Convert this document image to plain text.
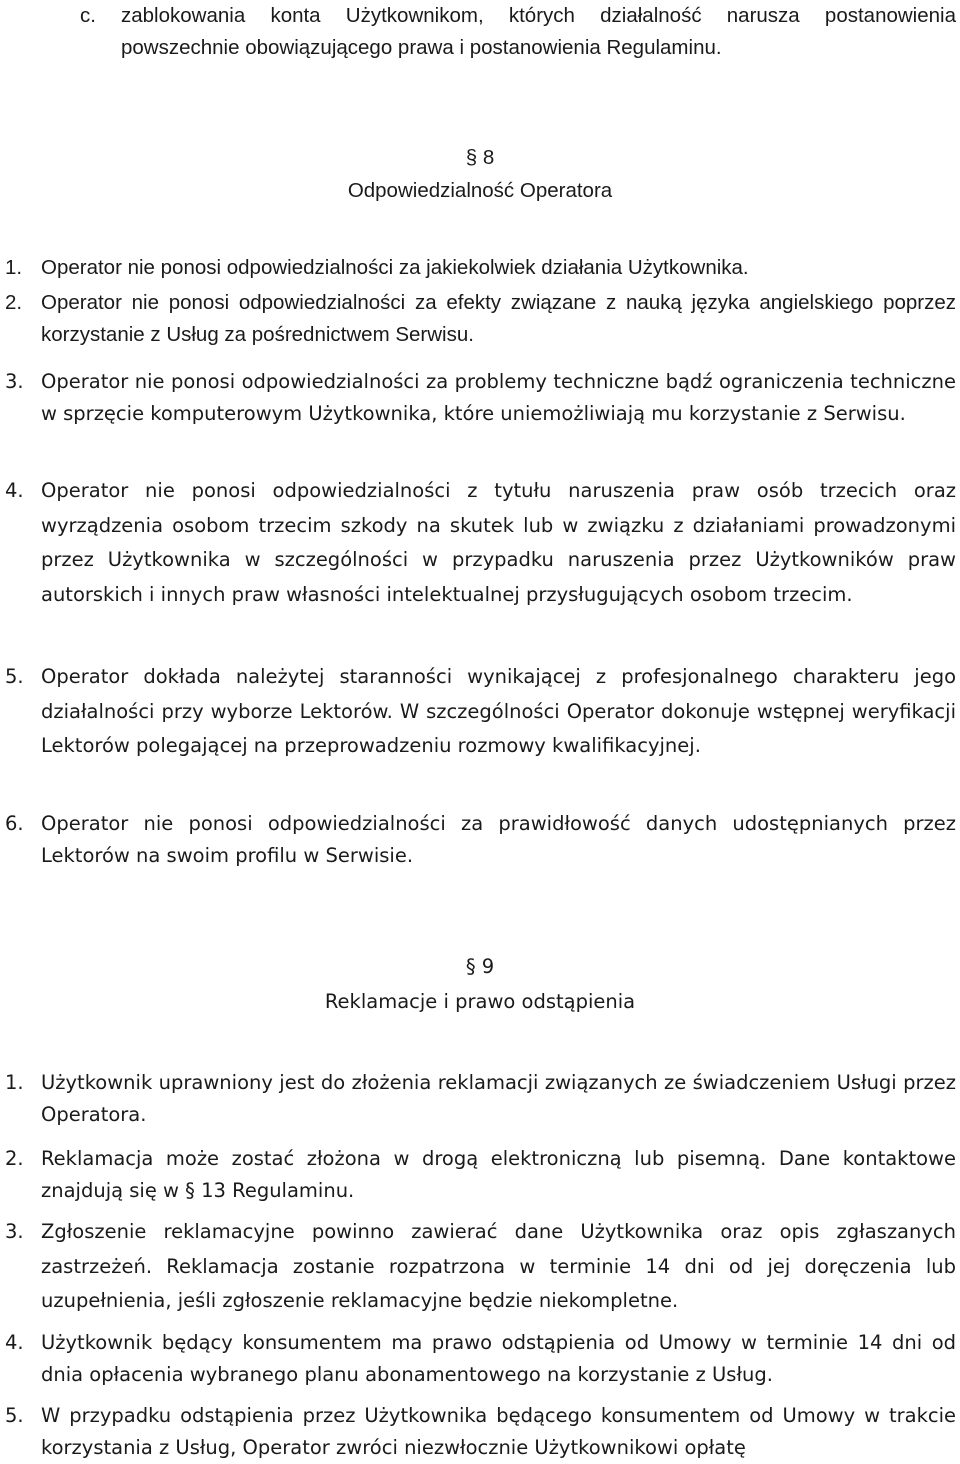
c.	zablokowania konta Użytkownikom, których działalność narusza postanowienia powszechnie obowiązującego prawa i postanowienia Regulaminu.

§ 8

Odpowiedzialność Operatora

1. Operator nie ponosi odpowiedzialności za jakiekolwiek działania Użytkownika.

2. Operator nie ponosi odpowiedzialności za efekty związane z nauką języka angielskiego poprzez korzystanie z Usług za pośrednictwem Serwisu.

3. Operator nie ponosi odpowiedzialności za problemy techniczne bądź ograniczenia techniczne w sprzęcie komputerowym Użytkownika, które uniemożliwiają mu korzystanie z Serwisu.

4. Operator nie ponosi odpowiedzialności z tytułu naruszenia praw osób trzecich oraz wyrządzenia osobom trzecim szkody na skutek lub w związku z działaniami prowadzonymi przez Użytkownika w szczególności w przypadku naruszenia przez Użytkowników praw autorskich i innych praw własności intelektualnej przysługujących osobom trzecim.

5. Operator dokłada należytej staranności wynikającej z profesjonalnego charakteru jego działalności przy wyborze Lektorów. W szczególności Operator dokonuje wstępnej weryfikacji Lektorów polegającej na przeprowadzeniu rozmowy kwalifikacyjnej.

6. Operator nie ponosi odpowiedzialności za prawidłowość danych udostępnianych przez Lektorów na swoim profilu w Serwisie.

§ 9

Reklamacje i prawo odstąpienia

1. Użytkownik uprawniony jest do złożenia reklamacji związanych ze świadczeniem Usługi przez Operatora.

2. Reklamacja może zostać złożona w drogą elektroniczną lub pisemną. Dane kontaktowe znajdują się w § 13 Regulaminu.

3. Zgłoszenie reklamacyjne powinno zawierać dane Użytkownika oraz opis zgłaszanych zastrzeżeń. Reklamacja zostanie rozpatrzona w terminie 14 dni od jej doręczenia lub uzupełnienia, jeśli zgłoszenie reklamacyjne będzie niekompletne.

4. Użytkownik będący konsumentem ma prawo odstąpienia od Umowy w terminie 14 dni od dnia opłacenia wybranego planu abonamentowego na korzystanie z Usług.

5. W przypadku odstąpienia przez Użytkownika będącego konsumentem od Umowy w trakcie korzystania z Usług, Operator zwróci niezwłocznie Użytkownikowi opłatę
